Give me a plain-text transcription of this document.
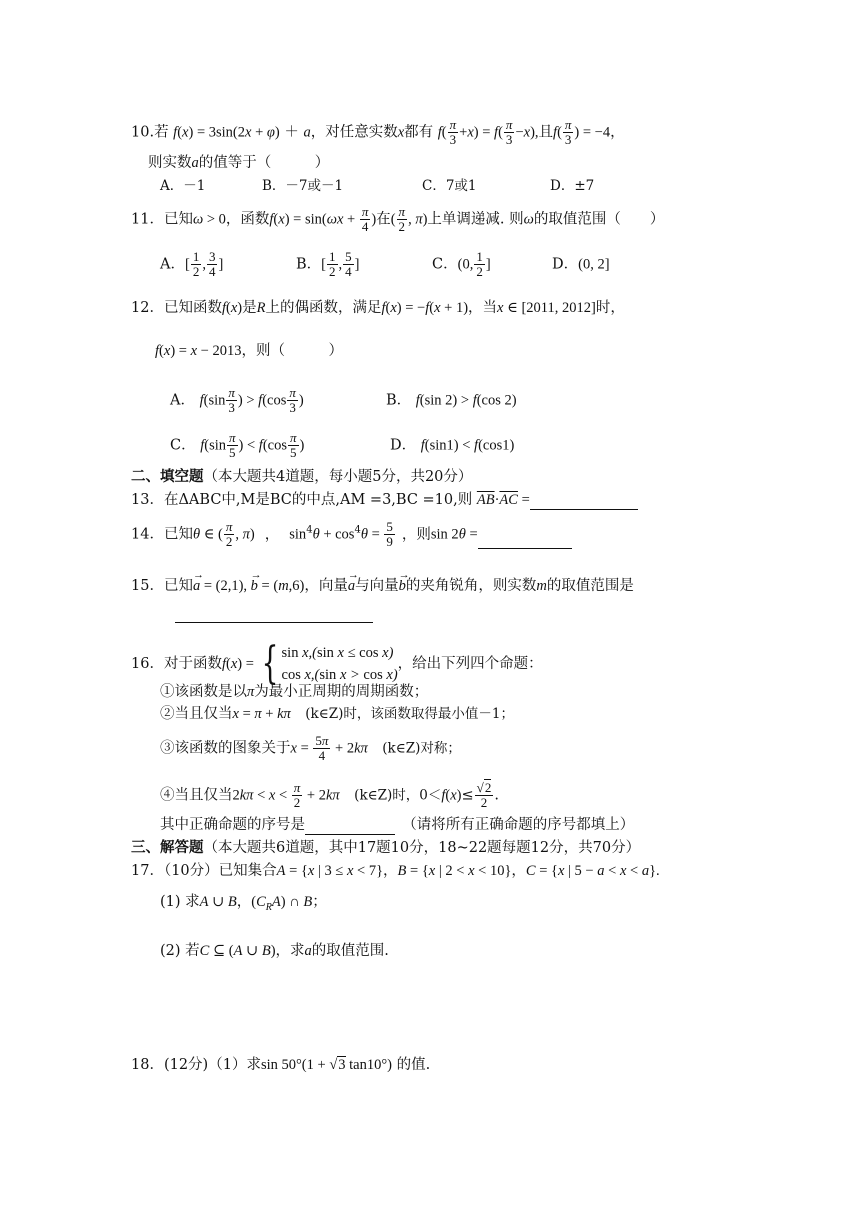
10.若 f(x) = 3sin(2x + φ) ＋ a，对任意实数x都有 $f( \frac{\pi}{3} +x) = f( \frac{\pi}{3} -x)$,且$f( \frac{\pi}{3}$ ) = −4，
则实数a的值等于（　　　）
A．－1	B．－7或－1	C．7或1	D．±7
11．已知ω > 0，函数$f(x) = \sin(\omega x + \frac{\pi}{4}$ )在( $\frac{\pi}{2}$ , π)上单调递减. 则ω的取值范围（　　）
A．[ $\frac{1}{2}$ , $\frac{3}{4}$ ]	B．[ $\frac{1}{2}$ , $\frac{5}{4}$ ]	C．(0, $\frac{1}{2}$ ]	D．(0, 2]
12．已知函数f(x)是R上的偶函数，满足f(x) = −f(x + 1)，当x ∈ [2011, 2012]时，
f(x) = x − 2013，则（　　　）
A． $f(\sin \frac{\pi}{3}$ ) > $f(\cos \frac{\pi}{3}$ )	B． f(sin 2) > f(cos 2)
C． $f(\sin \frac{\pi}{5}$ ) < $f(\cos \frac{\pi}{5}$ )	D． f(sin1) < f(cos1)
二、填空题（本大题共4道题，每小题5分，共20分）
13．在ΔABC中,M是BC的中点,AM =3,BC =10,则 $\overline{AB}\cdot\overline{AC}$ =
14．已知θ ∈ ( $\frac{\pi}{2}$ , π) ， $\sin^4\theta + \cos^4\theta = \frac{5}{9}$ ，则sin 2θ =
15．已知→ a = (2,1), → b = (m,6)，向量→ a与向量→ b的夹角锐角，则实数m的取值范围是
16．对于函数f(x) = { sin x,(sin x ≤ cos x)
cos x,(sin x > cos x)，给出下列四个命题：
①该函数是以π为最小正周期的周期函数；
②当且仅当x = π + kπ　 (k∈Z)时，该函数取得最小值－1；
③该函数的图象关于$x = \frac{5\pi}{4} + 2k\pi$　 (k∈Z)对称；
④当且仅当$2k\pi < x < \frac{\pi}{2} + 2k\pi$　 (k∈Z)时，$0<f(x)\le \frac{√2}{2}$ .
其中正确命题的序号是　	（请将所有正确命题的序号都填上）
三、解答题（本大题共6道题，其中17题10分，18~22题每题12分，共70分）
17．（10分）已知集合A = {x | 3 ≤ x < 7}，B = {x | 2 < x < 10}，C = {x | 5 − a < x < a}.
(1) 求A ∪ B，$(C_RA)$ ∩ B；
(2) 若C ⊆ (A ∪ B)，求a的取值范围.
18．(12分)（1）求sin 50°(1 + √3 tan10°) 的值.
